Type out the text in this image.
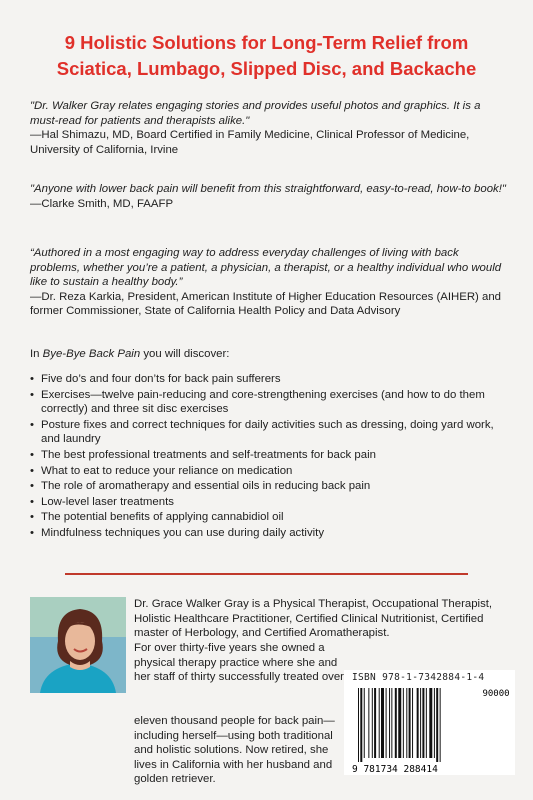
9 Holistic Solutions for Long-Term Relief from
Sciatica, Lumbago, Slipped Disc, and Backache
"Dr. Walker Gray relates engaging stories and provides useful photos and graphics. It is a must-read for patients and therapists alike."
—Hal Shimazu, MD, Board Certified in Family Medicine, Clinical Professor of Medicine, University of California, Irvine
"Anyone with lower back pain will benefit from this straightforward, easy-to-read, how-to book!"
—Clarke Smith, MD, FAAFP
“Authored in a most engaging way to address everyday challenges of living with back problems, whether you’re a patient, a physician, a therapist, or a healthy individual who would like to sustain a healthy body.”
—Dr. Reza Karkia, President, American Institute of Higher Education Resources (AIHER) and former Commissioner, State of California Health Policy and Data Advisory
In Bye-Bye Back Pain you will discover:
• Five do’s and four don’ts for back pain sufferers
• Exercises—twelve pain-reducing and core-strengthening exercises (and how to do them correctly) and three sit disc exercises
• Posture fixes and correct techniques for daily activities such as dressing, doing yard work, and laundry
• The best professional treatments and self-treatments for back pain
• What to eat to reduce your reliance on medication
• The role of aromatherapy and essential oils in reducing back pain
• Low-level laser treatments
• The potential benefits of applying cannabidiol oil
• Mindfulness techniques you can use during daily activity
Dr. Grace Walker Gray is a Physical Therapist, Occupational Therapist, Holistic Healthcare Practitioner, Certified Clinical Nutritionist, Certified master of Herbology, and Certified Aromatherapist.
For over thirty-five years she owned a physical therapy practice where she and her staff of thirty successfully treated over
eleven thousand people for back pain—including herself—using both traditional and holistic solutions. Now retired, she lives in California with her husband and golden retriever.
ISBN 978-1-7342884-1-4
90000
9 781734 288414
